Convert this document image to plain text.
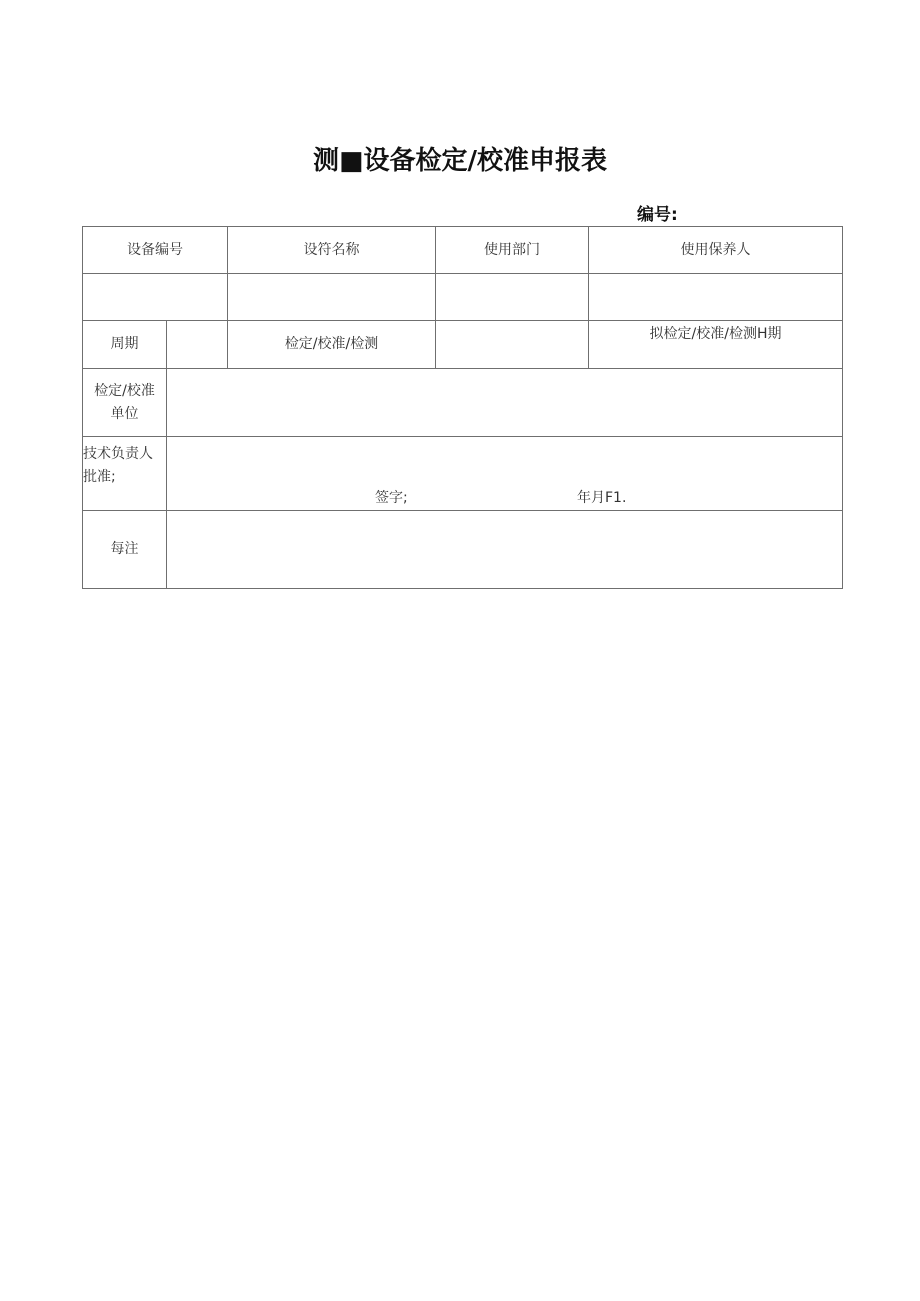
测■设备检定/校准申报表
编号:
设备编号		设符名称	使用部门	使用保养人

周期		检定/校准/检测		拟检定/校准/检测H期

检定/校准
单位				

技术负责人
批准;	签字; 年月F1.			

每注				
